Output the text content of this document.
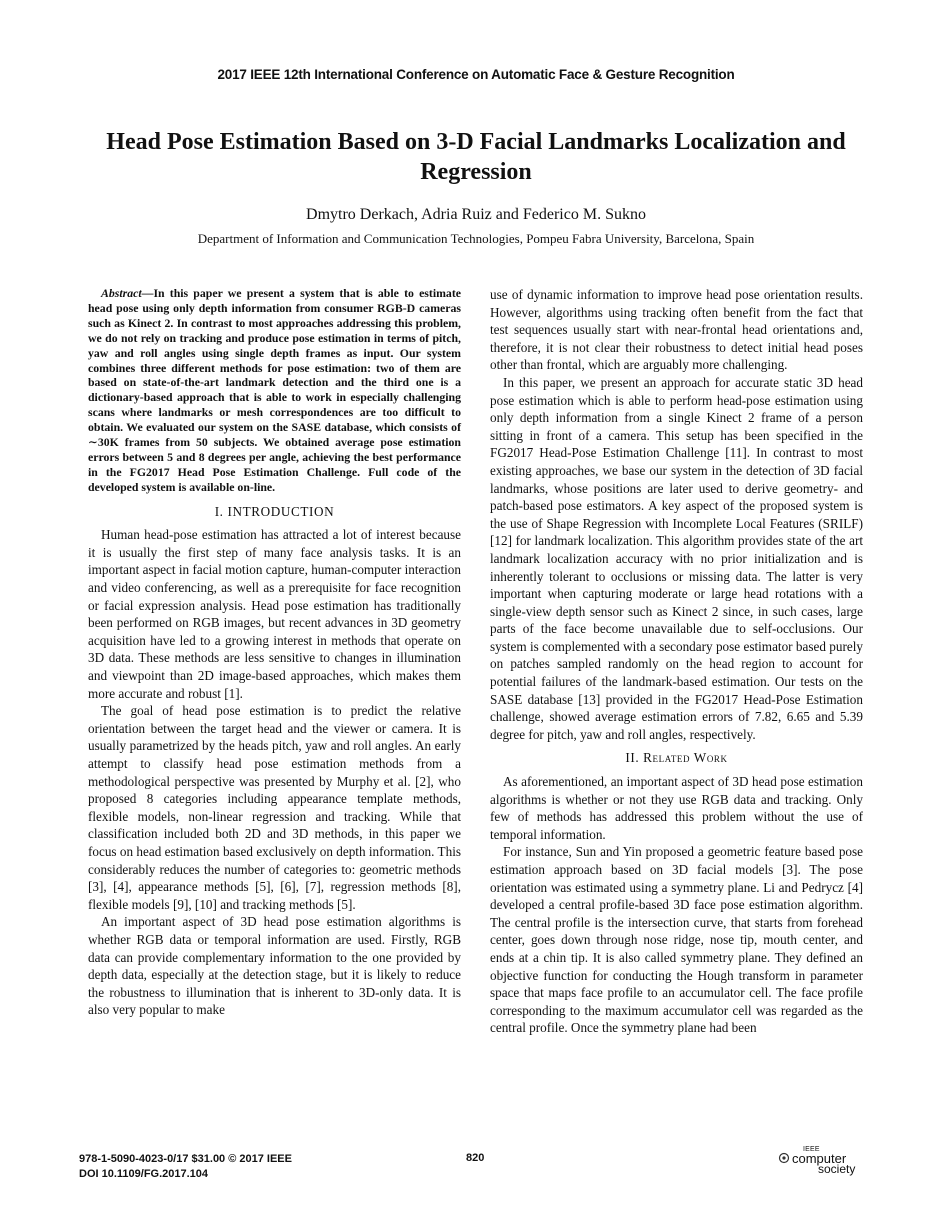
2017 IEEE 12th International Conference on Automatic Face & Gesture Recognition
Head Pose Estimation Based on 3-D Facial Landmarks Localization and Regression
Dmytro Derkach, Adria Ruiz and Federico M. Sukno
Department of Information and Communication Technologies, Pompeu Fabra University, Barcelona, Spain

Abstract—In this paper we present a system that is able to estimate head pose using only depth information from consumer RGB-D cameras such as Kinect 2. In contrast to most approaches addressing this problem, we do not rely on tracking and produce pose estimation in terms of pitch, yaw and roll angles using single depth frames as input. Our system combines three different methods for pose estimation: two of them are based on state-of-the-art landmark detection and the third one is a dictionary-based approach that is able to work in especially challenging scans where landmarks or mesh correspondences are too difficult to obtain. We evaluated our system on the SASE database, which consists of ∼30K frames from 50 subjects. We obtained average pose estimation errors between 5 and 8 degrees per angle, achieving the best performance in the FG2017 Head Pose Estimation Challenge. Full code of the developed system is available on-line.

I. INTRODUCTION

Human head-pose estimation has attracted a lot of interest because it is usually the first step of many face analysis tasks. It is an important aspect in facial motion capture, human-computer interaction and video conferencing, as well as a prerequisite for face recognition or facial expression analysis. Head pose estimation has traditionally been performed on RGB images, but recent advances in 3D geometry acquisition have led to a growing interest in methods that operate on 3D data. These methods are less sensitive to changes in illumination and viewpoint than 2D image-based approaches, which makes them more accurate and robust [1].

The goal of head pose estimation is to predict the relative orientation between the target head and the viewer or camera. It is usually parametrized by the heads pitch, yaw and roll angles. An early attempt to classify head pose estimation methods from a methodological perspective was presented by Murphy et al. [2], who proposed 8 categories including appearance template methods, flexible models, non-linear regression and tracking. While that classification included both 2D and 3D methods, in this paper we focus on head estimation based exclusively on depth information. This considerably reduces the number of categories to: geometric methods [3], [4], appearance methods [5], [6], [7], regression methods [8], flexible models [9], [10] and tracking methods [5].

An important aspect of 3D head pose estimation algorithms is whether RGB data or temporal information are used. Firstly, RGB data can provide complementary information to the one provided by depth data, especially at the detection stage, but it is likely to reduce the robustness to illumination that is inherent to 3D-only data. It is also very popular to make

use of dynamic information to improve head pose orientation results. However, algorithms using tracking often benefit from the fact that test sequences usually start with near-frontal head orientations and, therefore, it is not clear their robustness to detect initial head poses other than frontal, which are arguably more challenging.

In this paper, we present an approach for accurate static 3D head pose estimation which is able to perform head-pose estimation using only depth information from a single Kinect 2 frame of a person sitting in front of a camera. This setup has been specified in the FG2017 Head-Pose Estimation Challenge [11]. In contrast to most existing approaches, we base our system in the detection of 3D facial landmarks, whose positions are later used to derive geometry- and patch-based pose estimators. A key aspect of the proposed system is the use of Shape Regression with Incomplete Local Features (SRILF) [12] for landmark localization. This algorithm provides state of the art landmark localization accuracy with no prior initialization and is inherently tolerant to occlusions or missing data. The latter is very important when capturing moderate or large head rotations with a single-view depth sensor such as Kinect 2 since, in such cases, large parts of the face become unavailable due to self-occlusions. Our system is complemented with a secondary pose estimator based purely on patches sampled randomly on the head region to account for potential failures of the landmark-based estimation. Our tests on the SASE database [13] provided in the FG2017 Head-Pose Estimation challenge, showed average estimation errors of 7.82, 6.65 and 5.39 degree for pitch, yaw and roll angles, respectively.

II. Related Work

As aforementioned, an important aspect of 3D head pose estimation algorithms is whether or not they use RGB data and tracking. Only few of methods has addressed this problem without the use of temporal information.

For instance, Sun and Yin proposed a geometric feature based pose estimation approach based on 3D facial models [3]. The pose orientation was estimated using a symmetry plane. Li and Pedrycz [4] developed a central profile-based 3D face pose estimation algorithm. The central profile is the intersection curve, that starts from forehead center, goes down through nose ridge, nose tip, mouth center, and ends at a chin tip. It is also called symmetry plane. They defined an objective function for conducting the Hough transform in parameter space that maps face profile to an accumulator cell. The face profile corresponding to the maximum accumulator cell was regarded as the central profile. Once the symmetry plane had been

978-1-5090-4023-0/17 $31.00 © 2017 IEEE
DOI 10.1109/FG.2017.104
820
IEEE
computer
society
